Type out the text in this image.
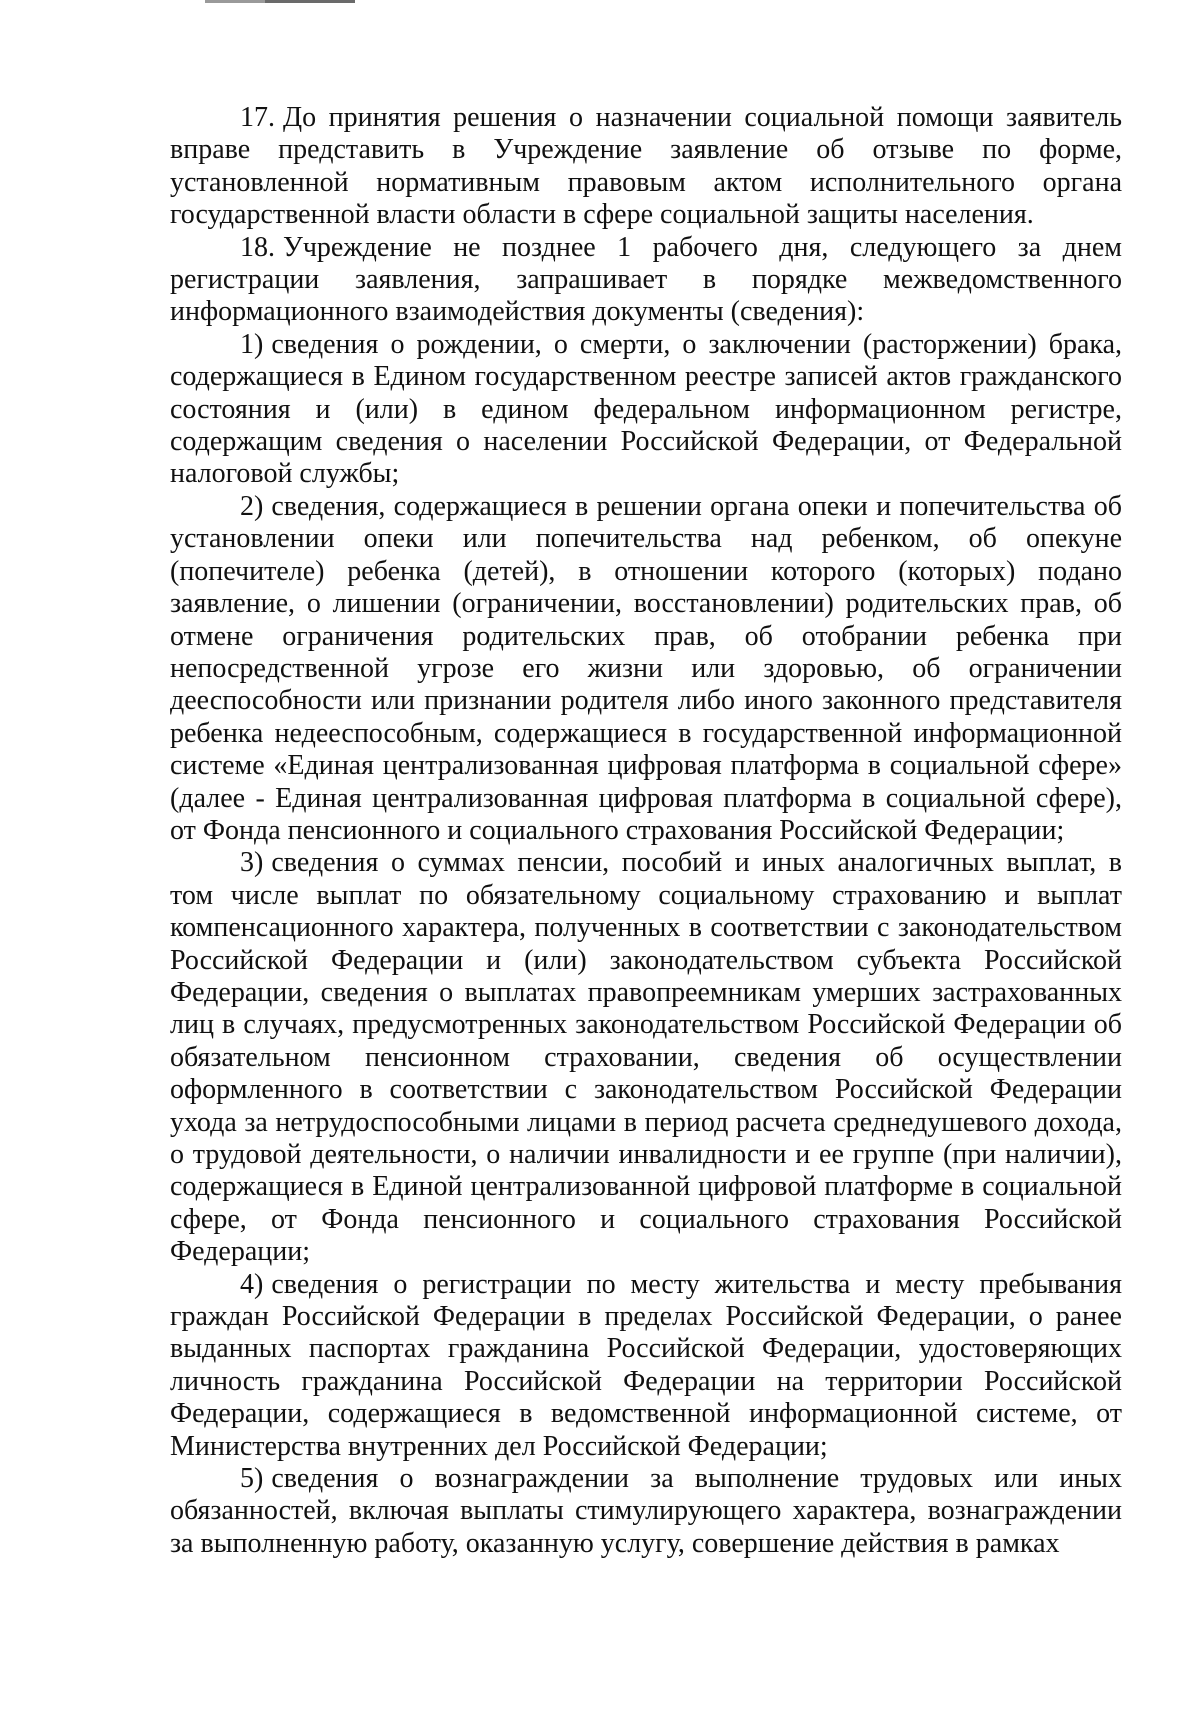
17. До принятия решения о назначении социальной помощи заявитель вправе представить в Учреждение заявление об отзыве по форме, установленной нормативным правовым актом исполнительного органа государственной власти области в сфере социальной защиты населения.

18. Учреждение не позднее 1 рабочего дня, следующего за днем регистрации заявления, запрашивает в порядке межведомственного информационного взаимодействия документы (сведения):

1) сведения о рождении, о смерти, о заключении (расторжении) брака, содержащиеся в Едином государственном реестре записей актов гражданского состояния и (или) в едином федеральном информационном регистре, содержащим сведения о населении Российской Федерации, от Федеральной налоговой службы;

2) сведения, содержащиеся в решении органа опеки и попечительства об установлении опеки или попечительства над ребенком, об опекуне (попечителе) ребенка (детей), в отношении которого (которых) подано заявление, о лишении (ограничении, восстановлении) родительских прав, об отмене ограничения родительских прав, об отобрании ребенка при непосредственной угрозе его жизни или здоровью, об ограничении дееспособности или признании родителя либо иного законного представителя ребенка недееспособным, содержащиеся в государственной информационной системе «Единая централизованная цифровая платформа в социальной сфере» (далее - Единая централизованная цифровая платформа в социальной сфере), от Фонда пенсионного и социального страхования Российской Федерации;

3) сведения о суммах пенсии, пособий и иных аналогичных выплат, в том числе выплат по обязательному социальному страхованию и выплат компенсационного характера, полученных в соответствии с законодательством Российской Федерации и (или) законодательством субъекта Российской Федерации, сведения о выплатах правопреемникам умерших застрахованных лиц в случаях, предусмотренных законодательством Российской Федерации об обязательном пенсионном страховании, сведения об осуществлении оформленного в соответствии с законодательством Российской Федерации ухода за нетрудоспособными лицами в период расчета среднедушевого дохода, о трудовой деятельности, о наличии инвалидности и ее группе (при наличии), содержащиеся в Единой централизованной цифровой платформе в социальной сфере, от Фонда пенсионного и социального страхования Российской Федерации;

4) сведения о регистрации по месту жительства и месту пребывания граждан Российской Федерации в пределах Российской Федерации, о ранее выданных паспортах гражданина Российской Федерации, удостоверяющих личность гражданина Российской Федерации на территории Российской Федерации, содержащиеся в ведомственной информационной системе, от Министерства внутренних дел Российской Федерации;

5) сведения о вознаграждении за выполнение трудовых или иных обязанностей, включая выплаты стимулирующего характера, вознаграждении за выполненную работу, оказанную услугу, совершение действия в рамках
